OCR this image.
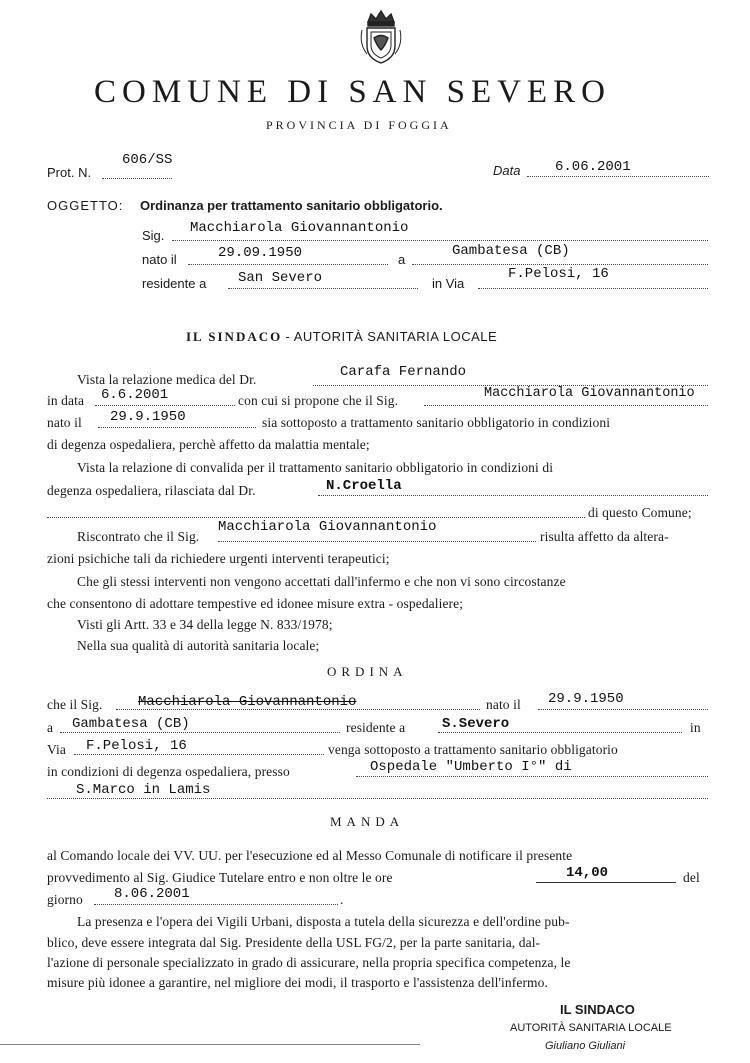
COMUNE DI SAN SEVERO
PROVINCIA DI FOGGIA
Prot. N.
606/SS
Data 6.06.2001
OGGETTO: Ordinanza per trattamento sanitario obbligatorio.
Sig. Macchiarola Giovannantonio
nato il	29.09.1950	a
Gambatesa (CB)
residente a San Severo	in Via
F.Pelosi, 16
IL SINDACO - AUTORITÀ SANITARIA LOCALE
Vista la relazione medica del Dr.	Carafa Fernando
in data 6.6.2001	con cui si propone che il Sig.	Macchiarola Giovannantonio
nato il 29.9.1950	sia sottoposto a trattamento sanitario obbligatorio in condizioni
di degenza ospedaliera, perchè affetto da malattia mentale;
Vista la relazione di convalida per il trattamento sanitario obbligatorio in condizioni di
degenza ospedaliera, rilasciata dal Dr.	N.Croella
di questo Comune;
Riscontrato che il Sig.
Macchiarola Giovannantonio
risulta affetto da altera-
zioni psichiche tali da richiedere urgenti interventi terapeutici;
Che gli stessi interventi non vengono accettati dall'infermo e che non vi sono circostanze
che consentono di adottare tempestive ed idonee misure extra - ospedaliere;
Visti gli Artt. 33 e 34 della legge N. 833/1978;
Nella sua qualità di autorità sanitaria locale;
ORDINA
che il Sig.	Macchiarola Giovannantonio	nato il 29.9.1950
a Gambatesa (CB)	residente a	S.Severo	in
Via F.Pelosi, 16	venga sottoposto a trattamento sanitario obbligatorio
in condizioni di degenza ospedaliera, presso	Ospedale "Umberto I°" di
S.Marco in Lamis
MANDA
al Comando locale dei VV. UU. per l'esecuzione ed al Messo Comunale di notificare il presente
provvedimento al Sig. Giudice Tutelare entro e non oltre le ore	14,00	del
giorno 8.06.2001	.
La presenza e l'opera dei Vigili Urbani, disposta a tutela della sicurezza e dell'ordine pub-
blico, deve essere integrata dal Sig. Presidente della USL FG/2, per la parte sanitaria, dal-
l'azione di personale specializzato in grado di assicurare, nella propria specifica competenza, le
misure più idonee a garantire, nel migliore dei modi, il trasporto e l'assistenza dell'infermo.
IL SINDACO
AUTORITÀ SANITARIA LOCALE
Giuliano Giuliani
